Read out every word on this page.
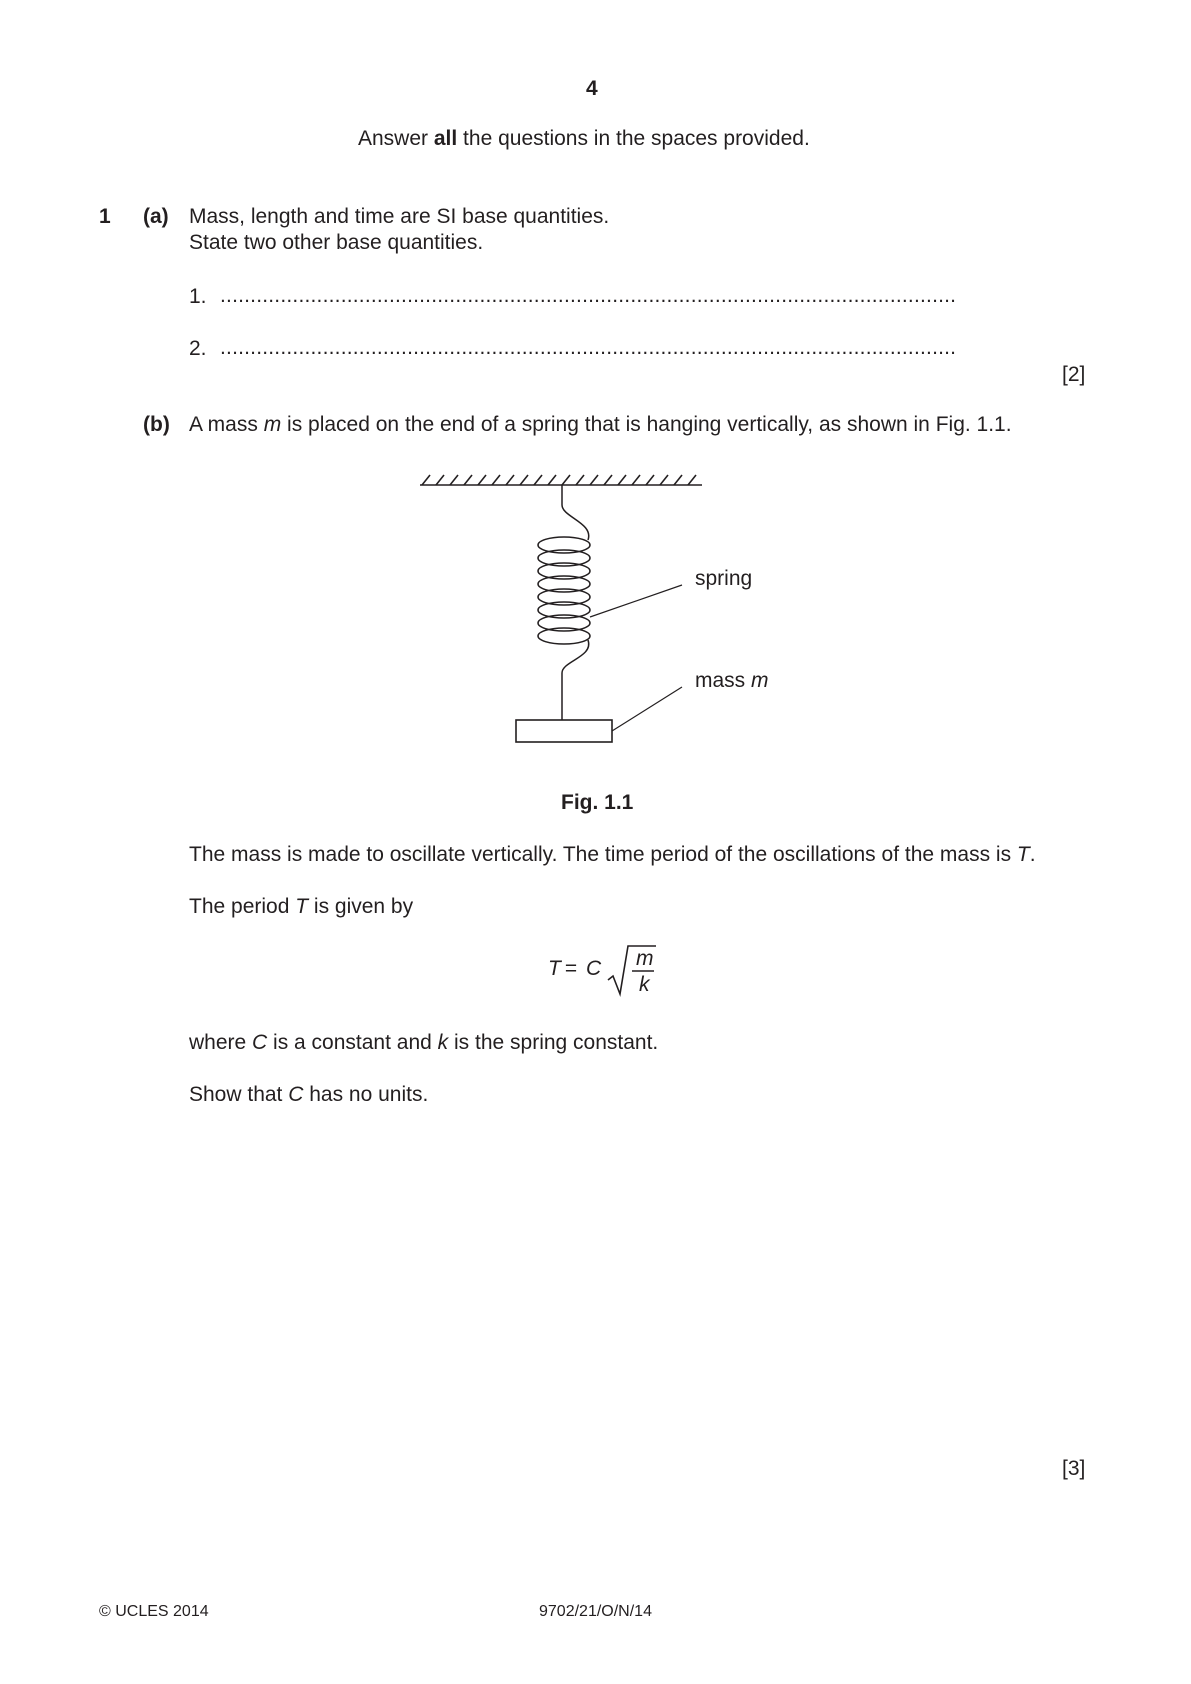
4
Answer all the questions in the spaces provided.
1 (a) Mass, length and time are SI base quantities.
State two other base quantities.
1. ..........................................................................................................................
2. ..........................................................................................................................
[2]
(b) A mass m is placed on the end of a spring that is hanging vertically, as shown in Fig. 1.1.
spring
mass m
Fig. 1.1
The mass is made to oscillate vertically. The time period of the oscillations of the mass is T.
The period T is given by
T
= C m
k
where C is a constant and k is the spring constant.
Show that C has no units.
[3]
© UCLES 2014	9702/21/O/N/14
